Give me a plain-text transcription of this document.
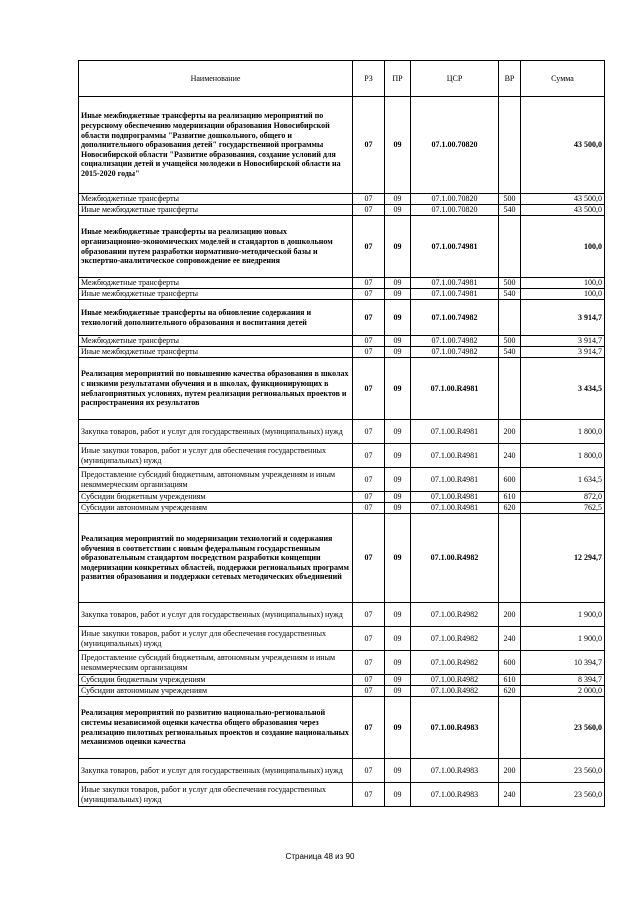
Наименование	РЗ	ПР	ЦСР	ВР	Сумма
Иные межбюджетные трансферты на реализацию мероприятий по ресурсному обеспечению модернизации образования Новосибирской области подпрограммы "Развитие дошкольного, общего и дополнительного образования детей" государственной программы Новосибирской области "Развитие образования, создание условий для социализации детей и учащейся молодежи в Новосибирской области на 2015-2020 годы"	07	09	07.1.00.70820		43 500,0
Межбюджетные трансферты	07	09	07.1.00.70820	500	43 500,0
Иные межбюджетные трансферты	07	09	07.1.00.70820	540	43 500,0
Иные межбюджетные трансферты на реализацию новых организационно-экономических моделей и стандартов в дошкольном образовании путем разработки нормативно-методической базы и экспертно-аналитическое сопровождение ее внедрения	07	09	07.1.00.74981		100,0
Межбюджетные трансферты	07	09	07.1.00.74981	500	100,0
Иные межбюджетные трансферты	07	09	07.1.00.74981	540	100,0
Иные межбюджетные трансферты на обновление содержания и технологий дополнительного образования и воспитания детей	07	09	07.1.00.74982		3 914,7
Межбюджетные трансферты	07	09	07.1.00.74982	500	3 914,7
Иные межбюджетные трансферты	07	09	07.1.00.74982	540	3 914,7
Реализация мероприятий по повышению качества образования в школах с низкими результатами обучения и в школах, функционирующих в неблагоприятных условиях, путем реализации региональных проектов и распространения их результатов	07	09	07.1.00.R4981		3 434,5
Закупка товаров, работ и услуг для государственных (муниципальных) нужд	07	09	07.1.00.R4981	200	1 800,0
Иные закупки товаров, работ и услуг для обеспечения государственных (муниципальных) нужд	07	09	07.1.00.R4981	240	1 800,0
Предоставление субсидий бюджетным, автономным учреждениям и иным некоммерческим организациям	07	09	07.1.00.R4981	600	1 634,5
Субсидии бюджетным учреждениям	07	09	07.1.00.R4981	610	872,0
Субсидии автономным учреждениям	07	09	07.1.00.R4981	620	762,5
Реализация мероприятий по модернизации технологий и содержания обучения в соответствии с новым федеральным государственным образовательным стандартом посредством разработки концепции модернизации конкретных областей, поддержки региональных программ развития образования и поддержки сетевых методических объединений	07	09	07.1.00.R4982		12 294,7
Закупка товаров, работ и услуг для государственных (муниципальных) нужд	07	09	07.1.00.R4982	200	1 900,0
Иные закупки товаров, работ и услуг для обеспечения государственных (муниципальных) нужд	07	09	07.1.00.R4982	240	1 900,0
Предоставление субсидий бюджетным, автономным учреждениям и иным некоммерческим организациям	07	09	07.1.00.R4982	600	10 394,7
Субсидии бюджетным учреждениям	07	09	07.1.00.R4982	610	8 394,7
Субсидии автономным учреждениям	07	09	07.1.00.R4982	620	2 000,0
Реализация мероприятий по развитию национально-региональной системы независимой оценки качества общего образования через реализацию пилотных региональных проектов и создание национальных механизмов оценки качества	07	09	07.1.00.R4983		23 560,0
Закупка товаров, работ и услуг для государственных (муниципальных) нужд	07	09	07.1.00.R4983	200	23 560,0
Иные закупки товаров, работ и услуг для обеспечения государственных (муниципальных) нужд	07	09	07.1.00.R4983	240	23 560,0
Страница 48 из 90
